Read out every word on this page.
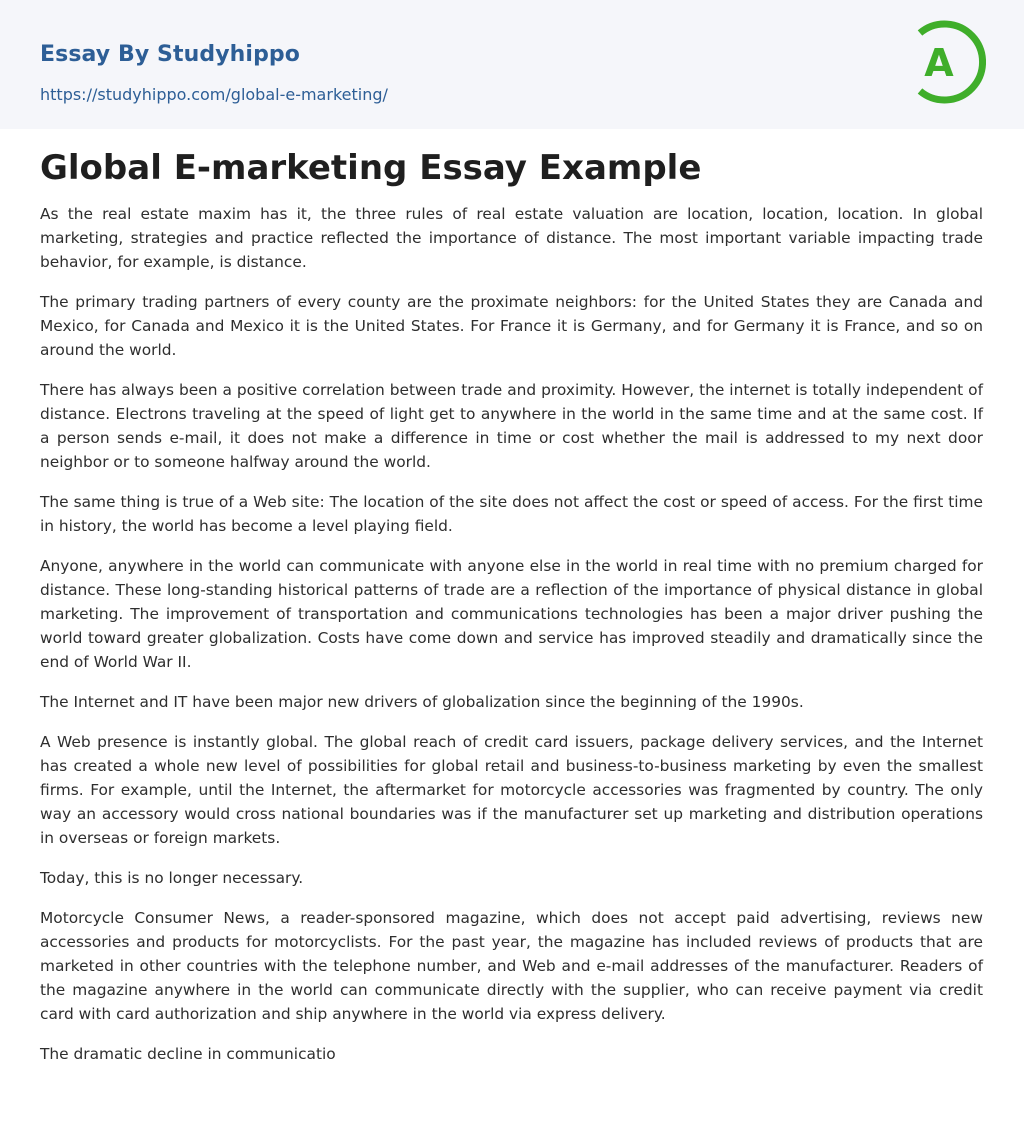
Essay By Studyhippo
https://studyhippo.com/global-e-marketing/
A
Global E-marketing Essay Example

As the real estate maxim has it, the three rules of real estate valuation are location, location, location. In global marketing, strategies and practice reflected the importance of distance. The most important variable impacting trade behavior, for example, is distance.

The primary trading partners of every county are the proximate neighbors: for the United States they are Canada and Mexico, for Canada and Mexico it is the United States. For France it is Germany, and for Germany it is France, and so on around the world.

There has always been a positive correlation between trade and proximity. However, the internet is totally independent of distance. Electrons traveling at the speed of light get to anywhere in the world in the same time and at the same cost. If a person sends e-mail, it does not make a difference in time or cost whether the mail is addressed to my next door neighbor or to someone halfway around the world.

The same thing is true of a Web site: The location of the site does not affect the cost or speed of access. For the first time in history, the world has become a level playing field.

Anyone, anywhere in the world can communicate with anyone else in the world in real time with no premium charged for distance. These long-standing historical patterns of trade are a reflection of the importance of physical distance in global marketing. The improvement of transportation and communications technologies has been a major driver pushing the world toward greater globalization. Costs have come down and service has improved steadily and dramatically since the end of World War II.

The Internet and IT have been major new drivers of globalization since the beginning of the 1990s.

A Web presence is instantly global. The global reach of credit card issuers, package delivery services, and the Internet has created a whole new level of possibilities for global retail and business-to-business marketing by even the smallest firms. For example, until the Internet, the aftermarket for motorcycle accessories was fragmented by country. The only way an accessory would cross national boundaries was if the manufacturer set up marketing and distribution operations in overseas or foreign markets.

Today, this is no longer necessary.

Motorcycle Consumer News, a reader-sponsored magazine, which does not accept paid advertising, reviews new accessories and products for motorcyclists. For the past year, the magazine has included reviews of products that are marketed in other countries with the telephone number, and Web and e-mail addresses of the manufacturer. Readers of the magazine anywhere in the world can communicate directly with the supplier, who can receive payment via credit card with card authorization and ship anywhere in the world via express delivery.

The dramatic decline in communicatio
